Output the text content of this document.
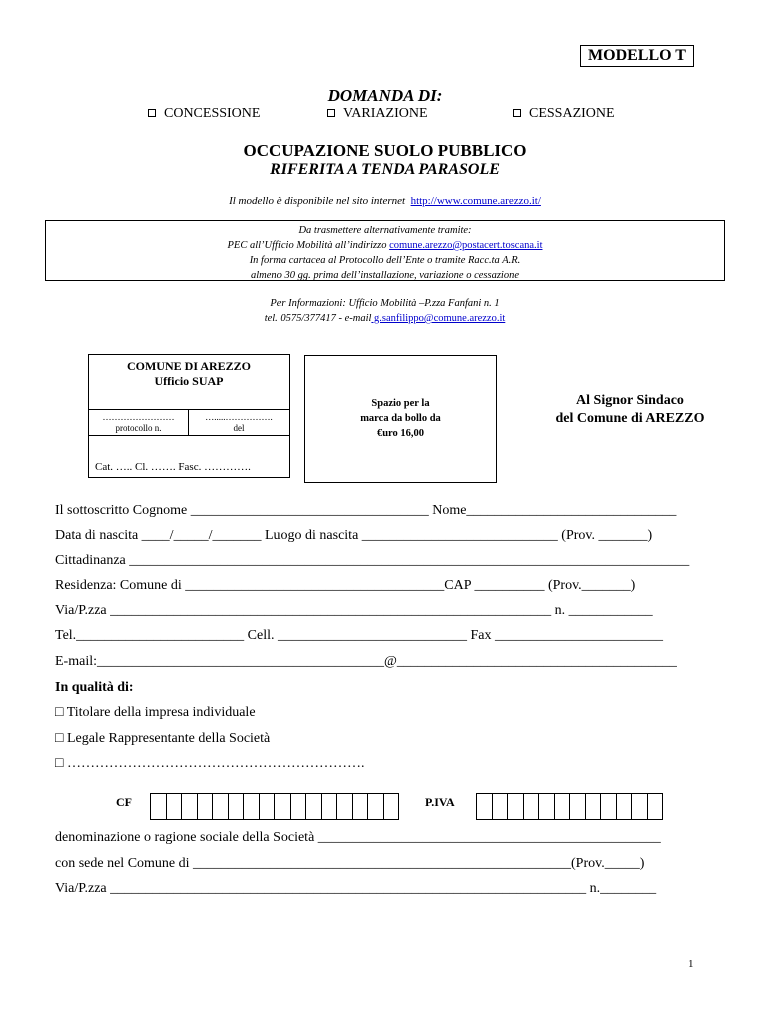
MODELLO T
DOMANDA DI:
CONCESSIONE	VARIAZIONE	CESSAZIONE
OCCUPAZIONE SUOLO PUBBLICO
RIFERITA A TENDA PARASOLE
Il modello è disponibile nel sito internet http://www.comune.arezzo.it/
Da trasmettere alternativamente tramite:
PEC all’Ufficio Mobilità all’indirizzo comune.arezzo@postacert.toscana.it
In forma cartacea al Protocollo dell’Ente o tramite Racc.ta A.R.
almeno 30 gg. prima dell’installazione, variazione o cessazione
Per Informazioni: Ufficio Mobilità –P.zza Fanfani n. 1
tel. 0575/377417 - e-mail g.sanfilippo@comune.arezzo.it
COMUNE DI AREZZO
Ufficio SUAP
……………………
protocollo n.
….....…………….
del
Cat. ….. Cl. ……. Fasc. ………….
Spazio per la
marca da bollo da
€uro 16,00
Al Signor Sindaco
del Comune di AREZZO
Il sottoscritto Cognome __________________________________ Nome______________________________
Data di nascita ____/_____/_______ Luogo di nascita ____________________________ (Prov. _______)
Cittadinanza ________________________________________________________________________________
Residenza: Comune di _____________________________________CAP __________ (Prov._______)
Via/P.zza _______________________________________________________________ n. ____________
Tel.________________________ Cell. ___________________________ Fax ________________________
E-mail:_________________________________________@________________________________________
In qualità di:
□ Titolare della impresa individuale
□ Legale Rappresentante della Società
□ ……………………………………………………….
CF	P.IVA
denominazione o ragione sociale della Società _________________________________________________
con sede nel Comune di ______________________________________________________(Prov._____)
Via/P.zza ____________________________________________________________________ n.________
1
